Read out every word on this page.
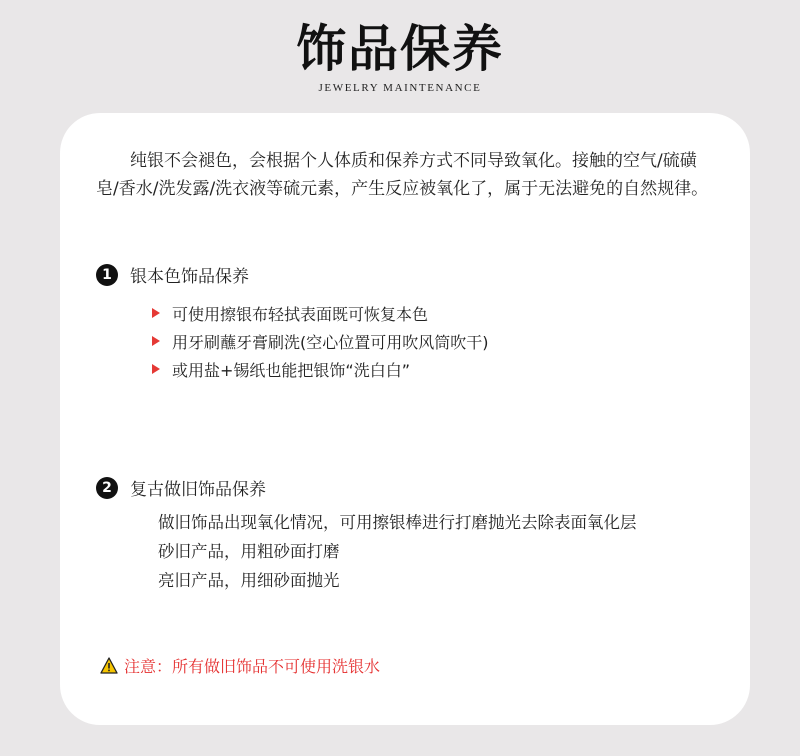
饰品保养
JEWELRY MAINTENANCE
纯银不会褪色，会根据个人体质和保养方式不同导致氧化。接触的空气/硫磺皂/香水/洗发露/洗衣液等硫元素，产生反应被氧化了，属于无法避免的自然规律。
1	银本色饰品保养
可使用擦银布轻拭表面既可恢复本色
用牙刷蘸牙膏刷洗(空心位置可用吹风筒吹干)
或用盐+锡纸也能把银饰“洗白白”
2	复古做旧饰品保养
做旧饰品出现氧化情况，可用擦银棒进行打磨抛光去除表面氧化层
砂旧产品，用粗砂面打磨
亮旧产品，用细砂面抛光
注意：所有做旧饰品不可使用洗银水
